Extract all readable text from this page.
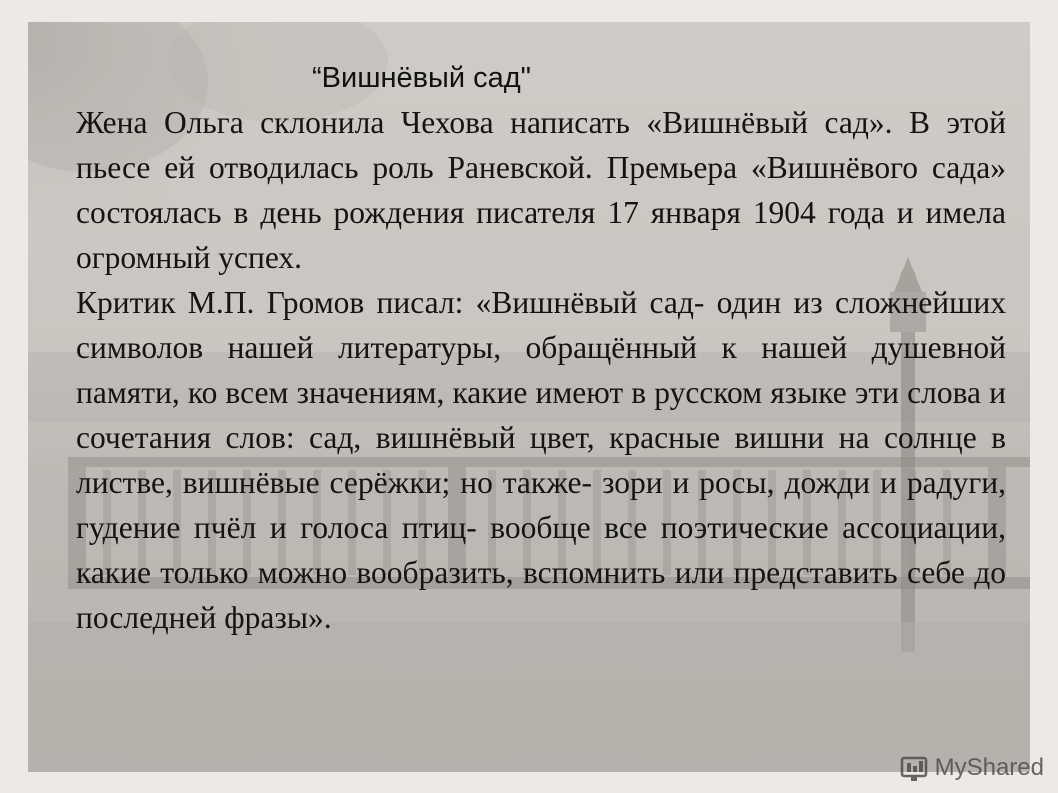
“Вишнёвый сад"

Жена Ольга склонила Чехова написать «Вишнёвый сад». В этой пьесе ей отводилась роль Раневской. Премьера «Вишнёвого сада» состоялась в день рождения писателя 17 января 1904 года и имела огромный успех.

Критик М.П. Громов писал: «Вишнёвый сад- один из сложнейших символов нашей литературы, обращённый к нашей душевной памяти, ко всем значениям, какие имеют в русском языке эти слова и сочетания слов: сад, вишнёвый цвет, красные вишни на солнце в листве, вишнёвые серёжки; но также- зори и росы, дожди и радуги, гудение пчёл и голоса птиц- вообще все поэтические ассоциации, какие только можно вообразить, вспомнить или представить себе до последней фразы».

MyShared
